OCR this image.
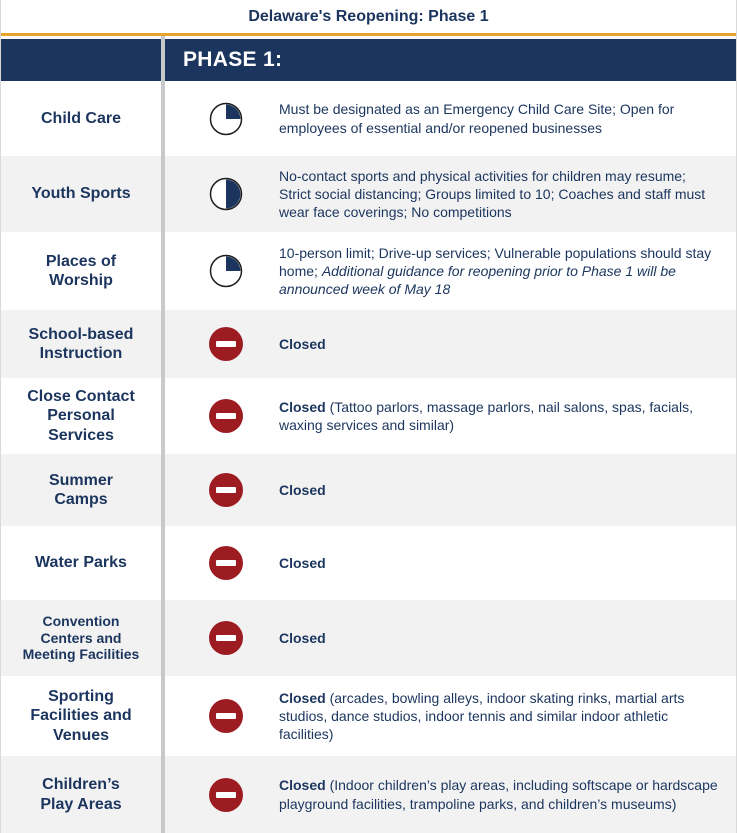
Delaware's Reopening: Phase 1
PHASE 1:
Child Care
Must be designated as an Emergency Child Care Site; Open for employees of essential and/or reopened businesses
Youth Sports
No-contact sports and physical activities for children may resume; Strict social distancing; Groups limited to 10; Coaches and staff must wear face coverings; No competitions
Places of
Worship
10-person limit; Drive-up services; Vulnerable populations should stay home; Additional guidance for reopening prior to Phase 1 will be announced week of May 18
School-based
Instruction
Closed
Close Contact
Personal
Services
Closed (Tattoo parlors, massage parlors, nail salons, spas, facials, waxing services and similar)
Summer
Camps
Closed
Water Parks	Closed
Convention
Centers and
Meeting Facilities
Closed
Sporting
Facilities and
Venues
Closed (arcades, bowling alleys, indoor skating rinks, martial arts studios, dance studios, indoor tennis and similar indoor athletic facilities)
Children’s
Play Areas
Closed (Indoor children’s play areas, including softscape or hardscape playground facilities, trampoline parks, and children’s museums)
